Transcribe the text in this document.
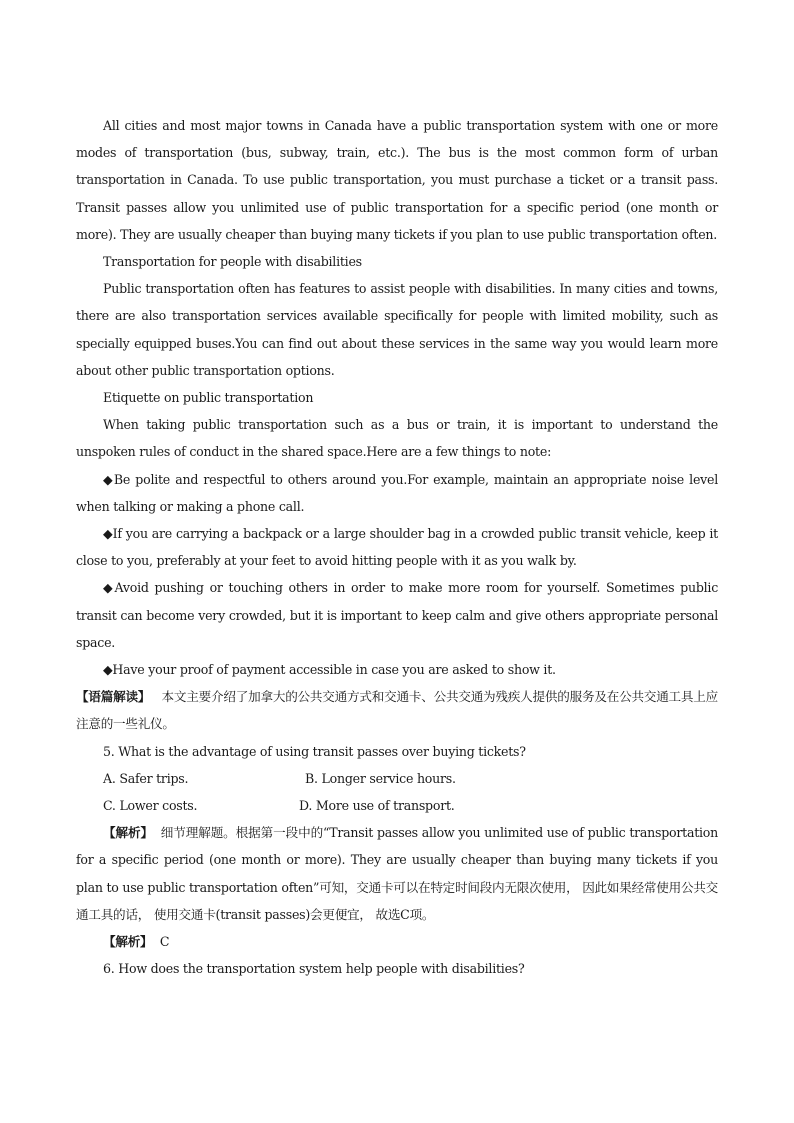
All cities and most major towns in Canada have a public transportation system with one or more modes of transportation (bus, subway, train, etc.). The bus is the most common form of urban transportation in Canada. To use public transportation, you must purchase a ticket or a transit pass. Transit passes allow you unlimited use of public transportation for a specific period (one month or more). They are usually cheaper than buying many tickets if you plan to use public transportation often.

Transportation for people with disabilities

Public transportation often has features to assist people with disabilities. In many cities and towns, there are also transportation services available specifically for people with limited mobility, such as specially equipped buses.You can find out about these services in the same way you would learn more about other public transportation options.

Etiquette on public transportation

When taking public transportation such as a bus or train, it is important to understand the unspoken rules of conduct in the shared space.Here are a few things to note:

◆Be polite and respectful to others around you.For example, maintain an appropriate noise level when talking or making a phone call.

◆If you are carrying a backpack or a large shoulder bag in a crowded public transit vehicle, keep it close to you, preferably at your feet to avoid hitting people with it as you walk by.

◆Avoid pushing or touching others in order to make more room for yourself. Sometimes public transit can become very crowded, but it is important to keep calm and give others appropriate personal space.

◆Have your proof of payment accessible in case you are asked to show it.

【语篇解读】 本文主要介绍了加拿大的公共交通方式和交通卡、公共交通为残疾人提供的服务及在公共交通工具上应注意的一些礼仪。

5. What is the advantage of using transit passes over buying tickets?

A. Safer trips.	B. Longer service hours.
C. Lower costs.	D. More use of transport.

【解析】 细节理解题。根据第一段中的“Transit passes allow you unlimited use of public transportation for a specific period (one month or more). They are usually cheaper than buying many tickets if you plan to use public transportation often”可知，交通卡可以在特定时间段内无限次使用， 因此如果经常使用公共交通工具的话， 使用交通卡(transit passes)会更便宜， 故选C项。

【解析】 C

6. How does the transportation system help people with disabilities?
